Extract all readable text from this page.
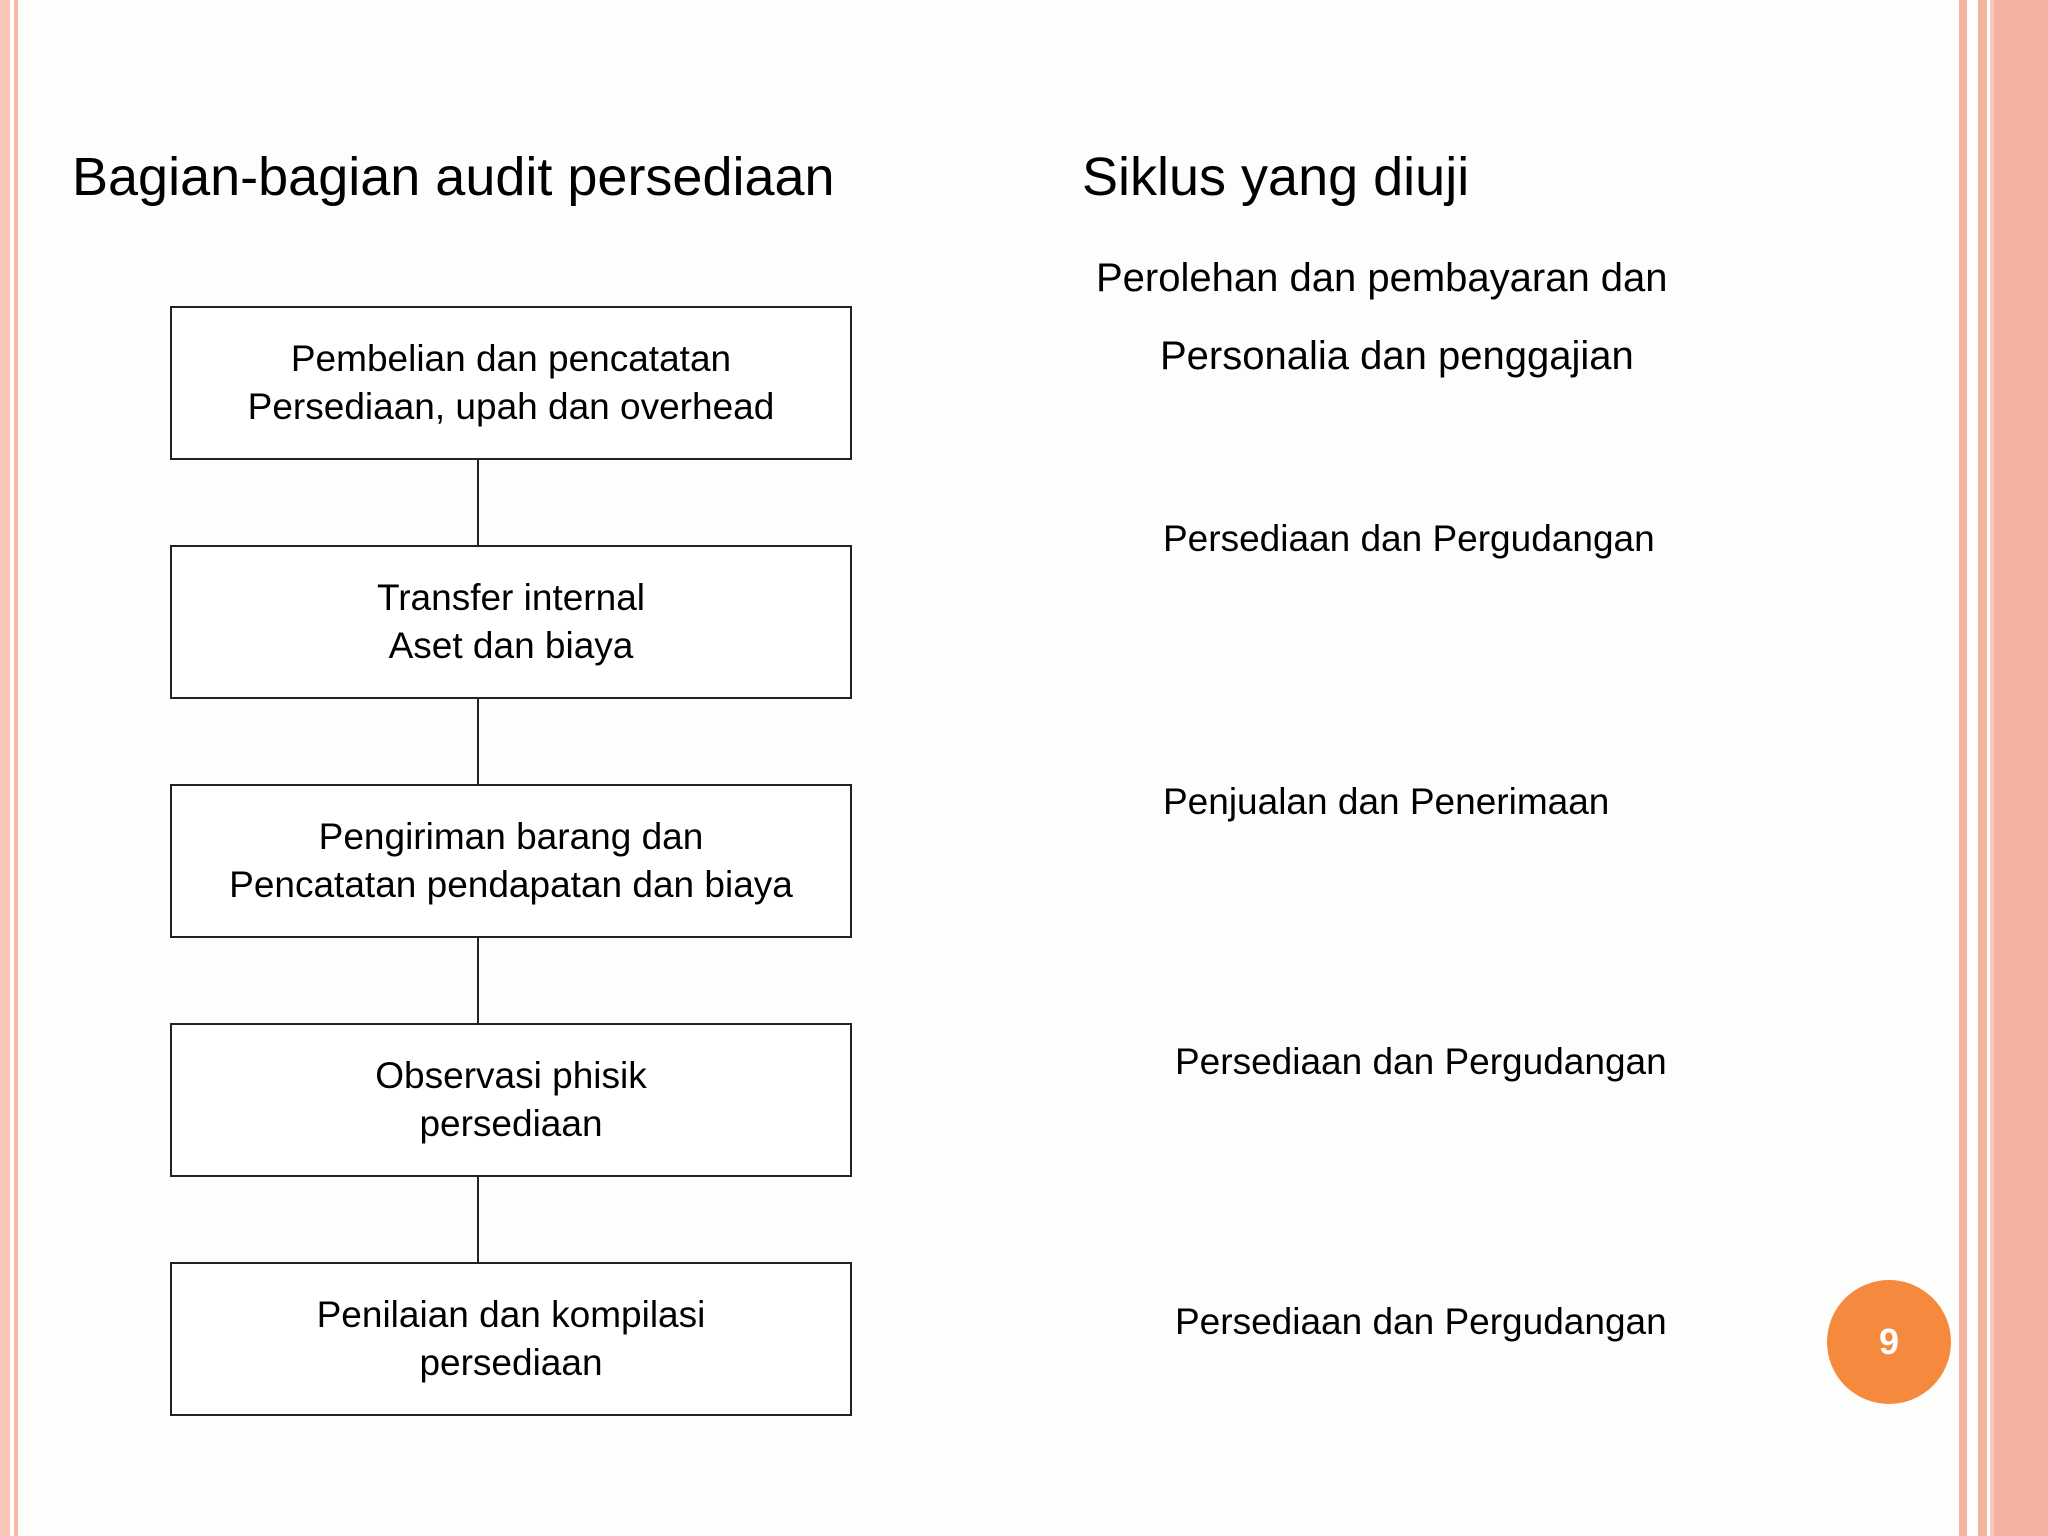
Bagian-bagian audit persediaan	Siklus yang diuji
Pembelian dan pencatatan
Persediaan, upah dan overhead
Transfer internal
Aset dan biaya
Pengiriman barang dan
Pencatatan pendapatan dan biaya
Observasi phisik
persediaan
Penilaian dan kompilasi
persediaan
Perolehan dan pembayaran dan
Personalia dan penggajian
Persediaan dan Pergudangan
Penjualan dan Penerimaan
Persediaan dan Pergudangan
Persediaan dan Pergudangan	9
